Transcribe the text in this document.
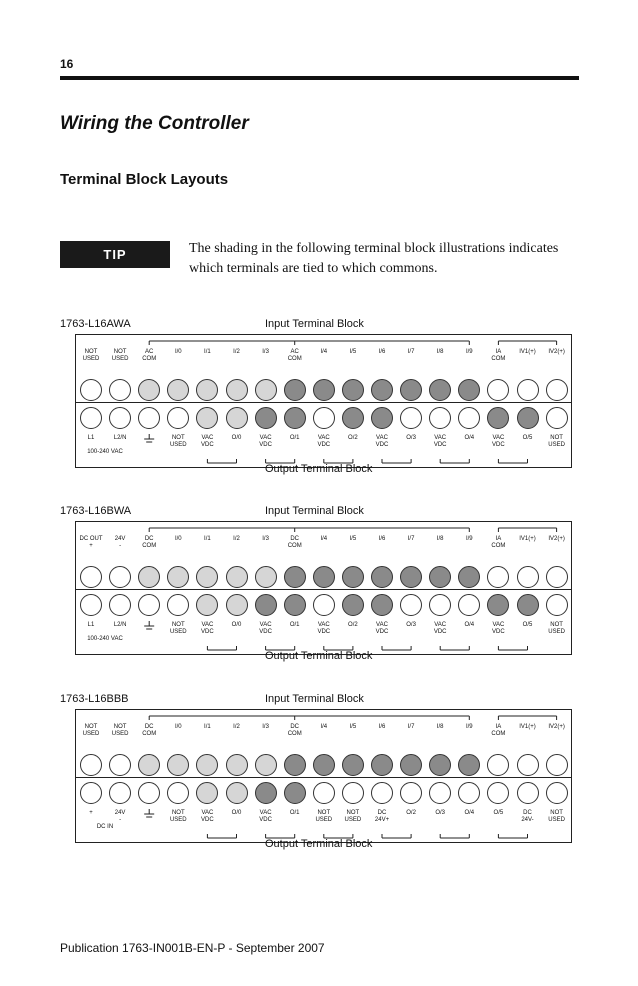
16
Wiring the Controller
Terminal Block Layouts
TIP	The shading in the following terminal block illustrations indicates which terminals are tied to which commons.
1763-L16AWA	Input Terminal Block
NOT
USED
NOT
USED
AC
COM
I/0	I/1	I/2	I/3	AC
COM
I/4	I/5	I/6	I/7	I/8	I/9	IA
COM
IV1(+)	IV2(+)
L1	L2/N	NOT
USED
VAC
VDC
O/0	VAC
VDC
O/1	VAC
VDC
O/2	VAC
VDC
O/3	VAC
VDC
O/4	VAC
VDC
O/5	NOT
USED
100-240 VAC
Output Terminal Block
1763-L16BWA	Input Terminal Block
DC OUT
+
24V
-
DC
COM
I/0	I/1	I/2	I/3	DC
COM
I/4	I/5	I/6	I/7	I/8	I/9	IA
COM
IV1(+)	IV2(+)
L1	L2/N	NOT
USED
VAC
VDC
O/0	VAC
VDC
O/1	VAC
VDC
O/2	VAC
VDC
O/3	VAC
VDC
O/4	VAC
VDC
O/5	NOT
USED
100-240 VAC
Output Terminal Block
1763-L16BBB	Input Terminal Block
NOT
USED
NOT
USED
DC
COM
I/0	I/1	I/2	I/3	DC
COM
I/4	I/5	I/6	I/7	I/8	I/9	IA
COM
IV1(+)	IV2(+)
+	24V
-
NOT
USED
VAC
VDC
O/0	VAC
VDC
O/1	NOT
USED
NOT
USED
DC
24V+
O/2	O/3	O/4	O/5	DC
24V-
NOT
USED
DC IN
Output Terminal Block
Publication 1763-IN001B-EN-P - September 2007
